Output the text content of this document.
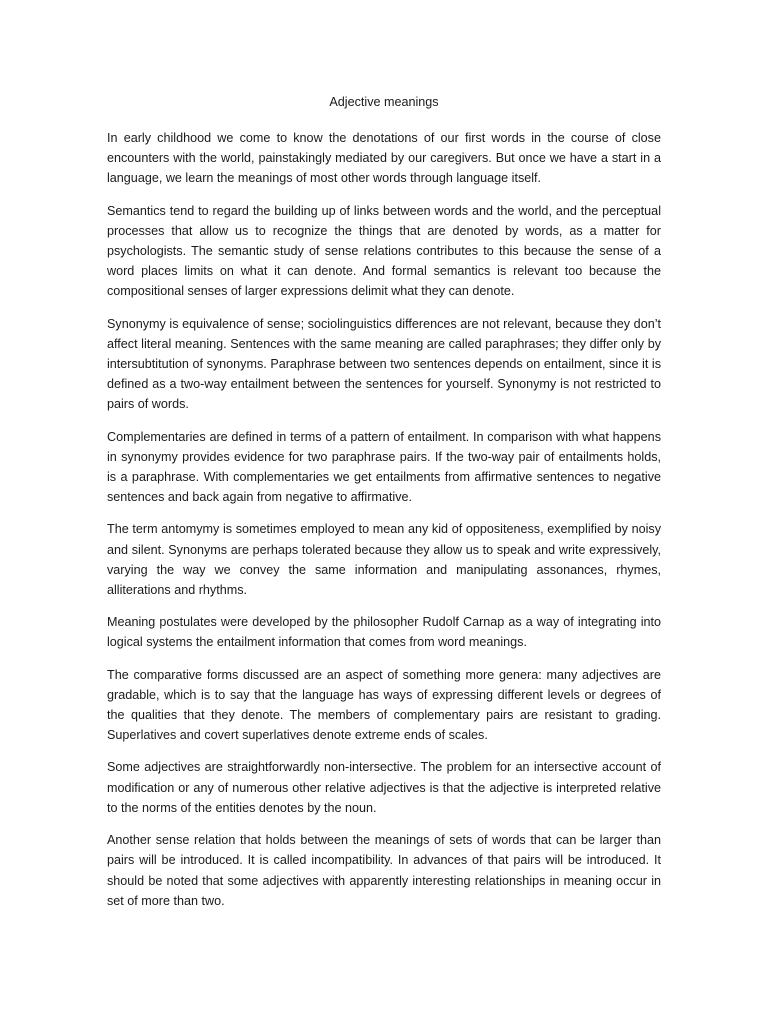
Adjective meanings

In early childhood we come to know the denotations of our first words in the course of close encounters with the world, painstakingly mediated by our caregivers. But once we have a start in a language, we learn the meanings of most other words through language itself.

Semantics tend to regard the building up of links between words and the world, and the perceptual processes that allow us to recognize the things that are denoted by words, as a matter for psychologists. The semantic study of sense relations contributes to this because the sense of a word places limits on what it can denote. And formal semantics is relevant too because the compositional senses of larger expressions delimit what they can denote.

Synonymy is equivalence of sense; sociolinguistics differences are not relevant, because they don’t affect literal meaning. Sentences with the same meaning are called paraphrases; they differ only by intersubtitution of synonyms. Paraphrase between two sentences depends on entailment, since it is defined as a two-way entailment between the sentences for yourself. Synonymy is not restricted to pairs of words.

Complementaries are defined in terms of a pattern of entailment. In comparison with what happens in synonymy provides evidence for two paraphrase pairs. If the two-way pair of entailments holds, is a paraphrase. With complementaries we get entailments from affirmative sentences to negative sentences and back again from negative to affirmative.

The term antomymy is sometimes employed to mean any kid of oppositeness, exemplified by noisy and silent. Synonyms are perhaps tolerated because they allow us to speak and write expressively, varying the way we convey the same information and manipulating assonances, rhymes, alliterations and rhythms.

Meaning postulates were developed by the philosopher Rudolf Carnap as a way of integrating into logical systems the entailment information that comes from word meanings.

The comparative forms discussed are an aspect of something more genera: many adjectives are gradable, which is to say that the language has ways of expressing different levels or degrees of the qualities that they denote. The members of complementary pairs are resistant to grading. Superlatives and covert superlatives denote extreme ends of scales.

Some adjectives are straightforwardly non-intersective. The problem for an intersective account of modification or any of numerous other relative adjectives is that the adjective is interpreted relative to the norms of the entities denotes by the noun.

Another sense relation that holds between the meanings of sets of words that can be larger than pairs will be introduced. It is called incompatibility. In advances of that pairs will be introduced. It should be noted that some adjectives with apparently interesting relationships in meaning occur in set of more than two.
